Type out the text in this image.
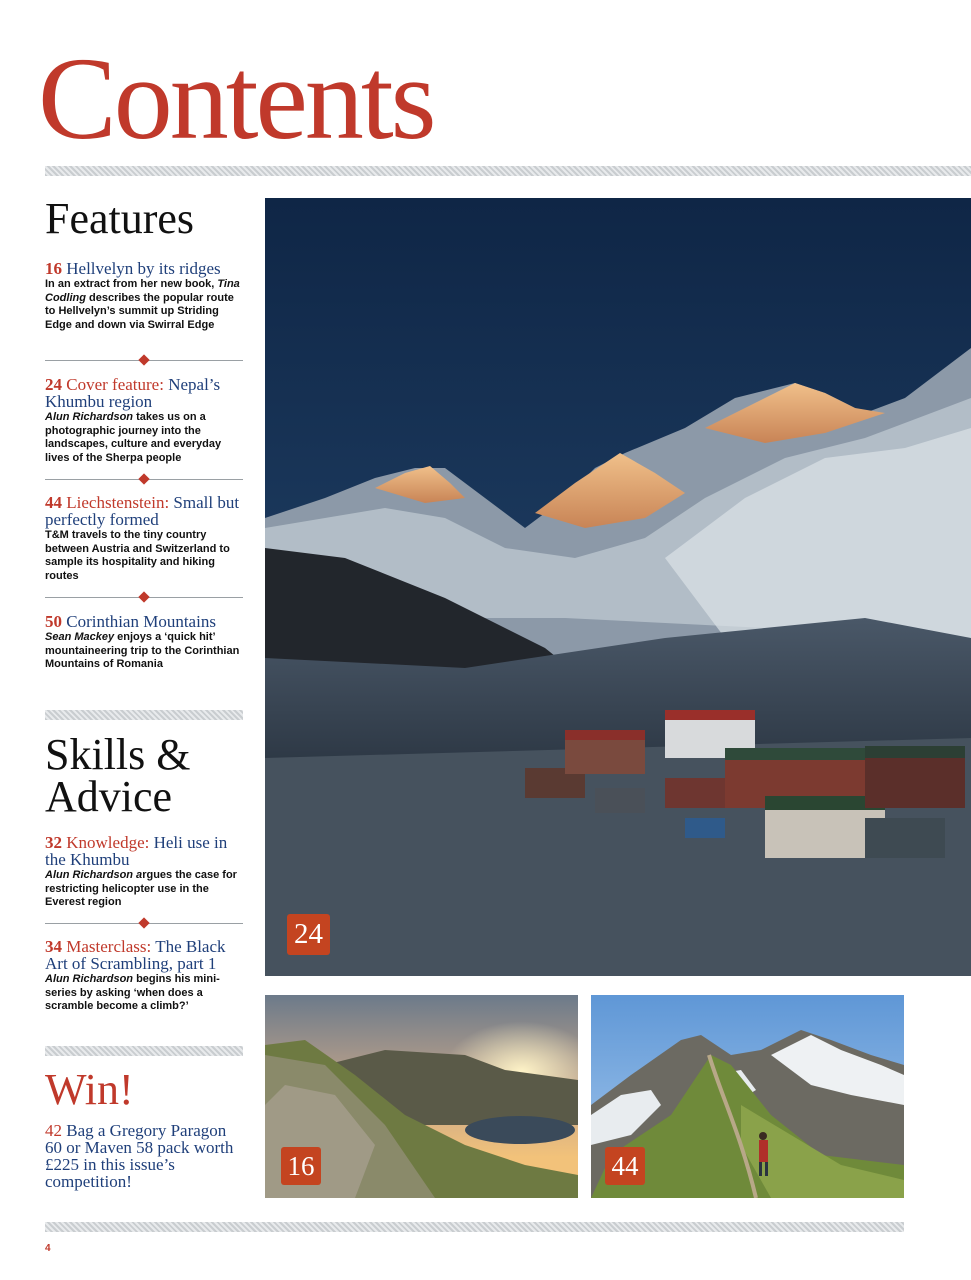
Contents
Features
16 Hellvelyn by its ridges
In an extract from her new book, Tina Codling describes the popular route to Hellvelyn’s summit up Striding Edge and down via Swirral Edge
24 Cover feature: Nepal’s Khumbu region
Alun Richardson takes us on a photographic journey into the landscapes, culture and everyday lives of the Sherpa people
44 Liechstenstein: Small but perfectly formed
T&M travels to the tiny country between Austria and Switzerland to sample its hospitality and hiking routes
50 Corinthian Mountains
Sean Mackey enjoys a ‘quick hit’ mountaineering trip to the Corinthian Mountains of Romania
Skills &
Advice
32 Knowledge: Heli use in the Khumbu
Alun Richardson argues the case for restricting helicopter use in the Everest region
34 Masterclass: The Black Art of Scrambling, part 1
Alun Richardson begins his mini-series by asking ‘when does a scramble become a climb?’
Win!
42 Bag a Gregory Paragon 60 or Maven 58 pack worth £225 in this issue’s competition!
24
16	44
4
